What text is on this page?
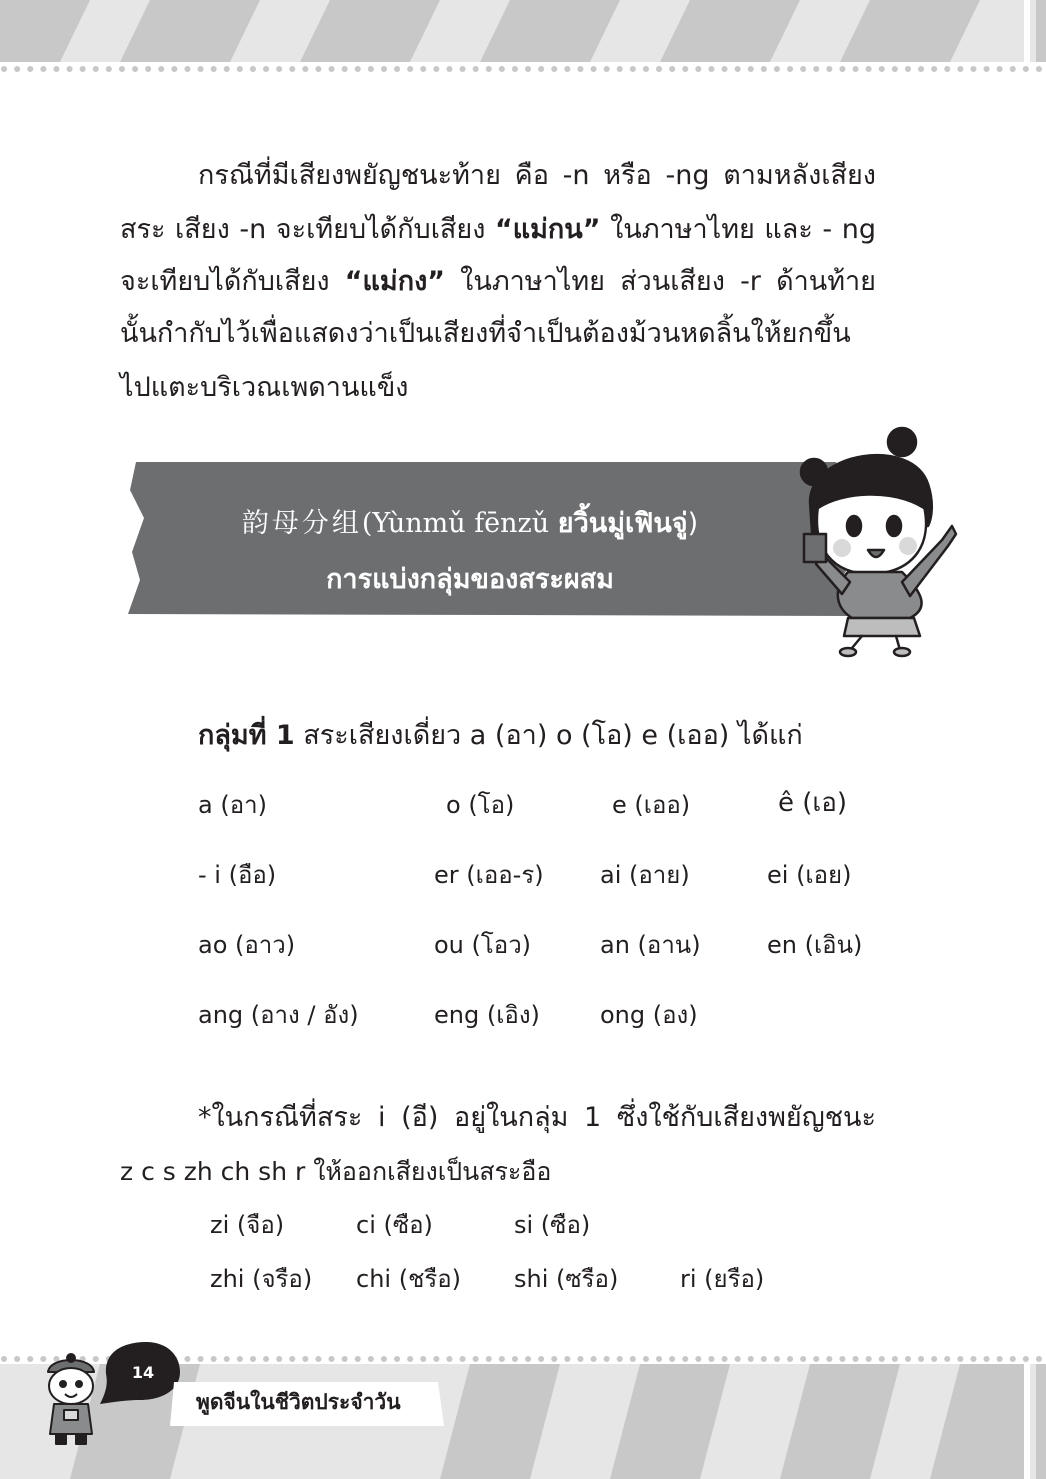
กรณีที่มีเสียงพยัญชนะท้าย คือ -n หรือ -ng ตามหลังเสียง
สระ เสียง -n จะเทียบได้กับเสียง “แม่กน” ในภาษาไทย และ - ng
จะเทียบได้กับเสียง “แม่กง” ในภาษาไทย ส่วนเสียง -r ด้านท้าย
นั้นกำกับไว้เพื่อแสดงว่าเป็นเสียงที่จำเป็นต้องม้วนหดลิ้นให้ยกขึ้น
ไปแตะบริเวณเพดานแข็ง
韵母分组(Yùnmǔ fēnzǔ ยวิ้นมู่เฟินจู่)
การแบ่งกลุ่มของสระผสม
กลุ่มที่ 1 สระเสียงเดี่ยว a (อา) o (โอ) e (เออ) ได้แก่
a (อา)	o (โอ)	e (เออ)	ê (เอ)
- i (อือ)	er (เออ-ร) ai (อาย)	ei (เอย)
ao (อาว)	ou (โอว)	an (อาน)	en (เอิน)
ang (อาง / อัง)	eng (เอิง)	ong (อง)
*ในกรณีที่สระ i (อี) อยู่ในกลุ่ม 1 ซึ่งใช้กับเสียงพยัญชนะ
z c s zh ch sh r ให้ออกเสียงเป็นสระอือ
zi (จือ)	ci (ซือ)	si (ซือ)
zhi (จรือ) chi (ชรือ) shi (ซรือ)	ri (ยรือ)
14
พูดจีนในชีวิตประจำวัน
